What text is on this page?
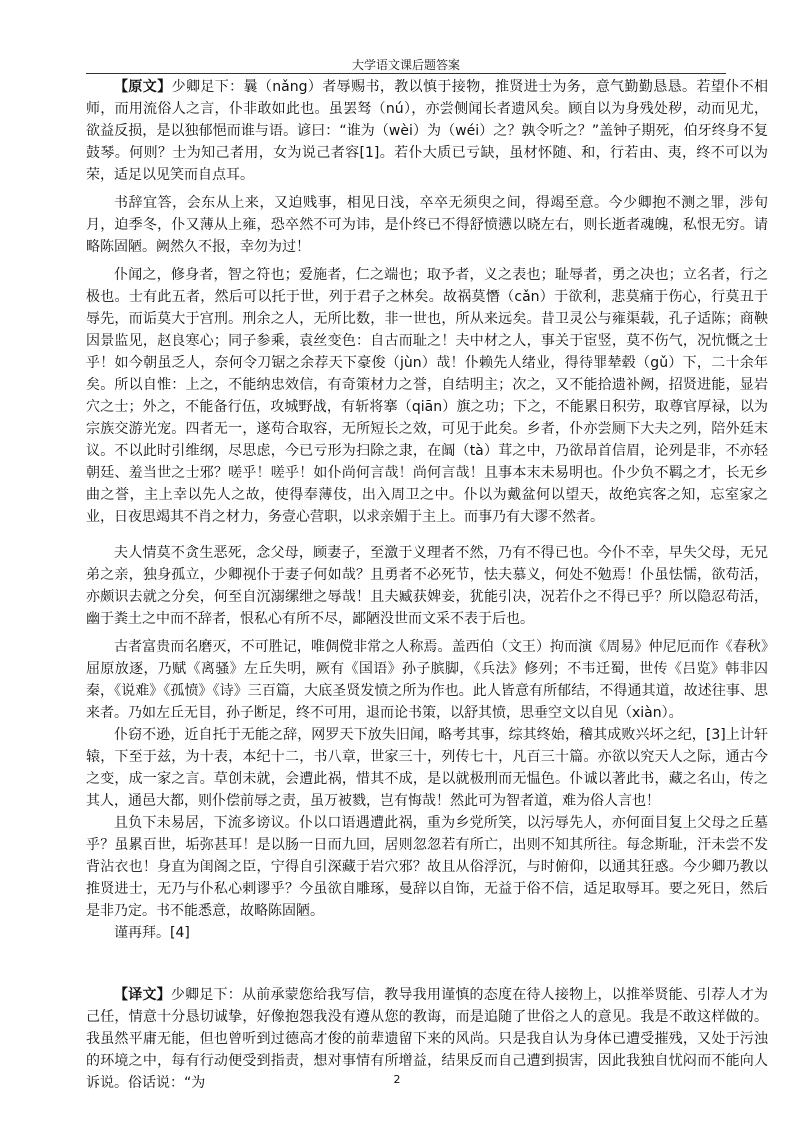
大学语文课后题答案

【原文】少卿足下：曩（nǎng）者辱赐书，教以慎于接物，推贤进士为务，意气勤勤恳恳。若望仆不相师，而用流俗人之言，仆非敢如此也。虽罢驽（nú），亦尝侧闻长者遗风矣。顾自以为身残处秽，动而见尤，欲益反损，是以独郁悒而谁与语。谚曰：“谁为（wèi）为（wéi）之？孰令听之？”盖钟子期死，伯牙终身不复鼓琴。何则？士为知己者用，女为说己者容[1]。若仆大质已亏缺，虽材怀随、和，行若由、夷，终不可以为荣，适足以见笑而自点耳。

书辞宜答，会东从上来，又迫贱事，相见日浅，卒卒无须臾之间，得竭至意。今少卿抱不测之罪，涉旬月，迫季冬，仆又薄从上雍，恐卒然不可为讳，是仆终已不得舒愤懑以晓左右，则长逝者魂魄，私恨无穷。请略陈固陋。阙然久不报，幸勿为过！

仆闻之，修身者，智之符也；爱施者，仁之端也；取予者，义之表也；耻辱者，勇之决也；立名者，行之极也。士有此五者，然后可以托于世，列于君子之林矣。故祸莫憯（cǎn）于欲利，悲莫痛于伤心，行莫丑于辱先，而诟莫大于宫刑。刑余之人，无所比数，非一世也，所从来远矣。昔卫灵公与雍渠载，孔子适陈；商鞅因景监见，赵良寒心；同子参乘，袁丝变色：自古而耻之！夫中材之人，事关于宦竖，莫不伤气，况忼慨之士乎！如今朝虽乏人，奈何令刀锯之余荐天下豪俊（jùn）哉！仆赖先人绪业，得待罪辇毂（gǔ）下，二十余年矣。所以自惟：上之，不能纳忠效信，有奇策材力之誉，自结明主；次之，又不能拾遗补阙，招贤进能，显岩穴之士；外之，不能备行伍，攻城野战，有斩将搴（qiān）旗之功；下之，不能累日积劳，取尊官厚禄，以为宗族交游光宠。四者无一，遂苟合取容，无所短长之效，可见于此矣。乡者，仆亦尝厕下大夫之列，陪外廷末议。不以此时引维纲，尽思虑，今已亏形为扫除之隶，在阘（tà）茸之中，乃欲昂首信眉，论列是非，不亦轻朝廷、羞当世之士邪？嗟乎！嗟乎！如仆尚何言哉！尚何言哉！且事本末未易明也。仆少负不羁之才，长无乡曲之誉，主上幸以先人之故，使得奉薄伎，出入周卫之中。仆以为戴盆何以望天，故绝宾客之知，忘室家之业，日夜思竭其不肖之材力，务壹心营职，以求亲媚于主上。而事乃有大谬不然者。

夫人情莫不贪生恶死，念父母，顾妻子，至激于义理者不然，乃有不得已也。今仆不幸，早失父母，无兄弟之亲，独身孤立，少卿视仆于妻子何如哉？且勇者不必死节，怯夫慕义，何处不勉焉！仆虽怯懦，欲苟活，亦颇识去就之分矣，何至自沉溺缧绁之辱哉！且夫臧获婢妾，犹能引决，况若仆之不得已乎？所以隐忍苟活，幽于粪土之中而不辞者，恨私心有所不尽，鄙陋没世而文采不表于后也。

古者富贵而名磨灭，不可胜记，唯倜傥非常之人称焉。盖西伯（文王）拘而演《周易》仲尼厄而作《春秋》屈原放逐，乃赋《离骚》左丘失明，厥有《国语》孙子膑脚，《兵法》修列；不韦迁蜀，世传《吕览》韩非囚秦，《说难》《孤愤》《诗》三百篇，大底圣贤发愤之所为作也。此人皆意有所郁结，不得通其道，故述往事、思来者。乃如左丘无目，孙子断足，终不可用，退而论书策，以舒其愤，思垂空文以自见（xiàn）。

仆窃不逊，近自托于无能之辞，网罗天下放失旧闻，略考其事，综其终始，稽其成败兴坏之纪，[3]上计轩辕，下至于兹，为十表，本纪十二，书八章，世家三十，列传七十，凡百三十篇。亦欲以究天人之际，通古今之变，成一家之言。草创未就，会遭此祸，惜其不成，是以就极刑而无愠色。仆诚以著此书，藏之名山，传之其人，通邑大都，则仆偿前辱之责，虽万被戮，岂有悔哉！然此可为智者道，难为俗人言也！

且负下未易居，下流多谤议。仆以口语遇遭此祸，重为乡党所笑，以污辱先人，亦何面目复上父母之丘墓乎？虽累百世，垢弥甚耳！是以肠一日而九回，居则忽忽若有所亡，出则不知其所往。每念斯耻，汗未尝不发背沾衣也！身直为闺阁之臣，宁得自引深藏于岩穴邪？故且从俗浮沉，与时俯仰，以通其狂惑。今少卿乃教以推贤进士，无乃与仆私心剌谬乎？今虽欲自雕琢，曼辞以自饰，无益于俗不信，适足取辱耳。要之死日，然后是非乃定。书不能悉意，故略陈固陋。

谨再拜。[4]

【译文】少卿足下：从前承蒙您给我写信，教导我用谨慎的态度在待人接物上，以推举贤能、引荐人才为己任，情意十分恳切诚挚，好像抱怨我没有遵从您的教诲，而是追随了世俗之人的意见。我是不敢这样做的。我虽然平庸无能，但也曾听到过德高才俊的前辈遗留下来的风尚。只是我自认为身体已遭受摧残，又处于污浊的环境之中，每有行动便受到指责，想对事情有所增益，结果反而自己遭到损害，因此我独自忧闷而不能向人诉说。俗话说：“为	2
